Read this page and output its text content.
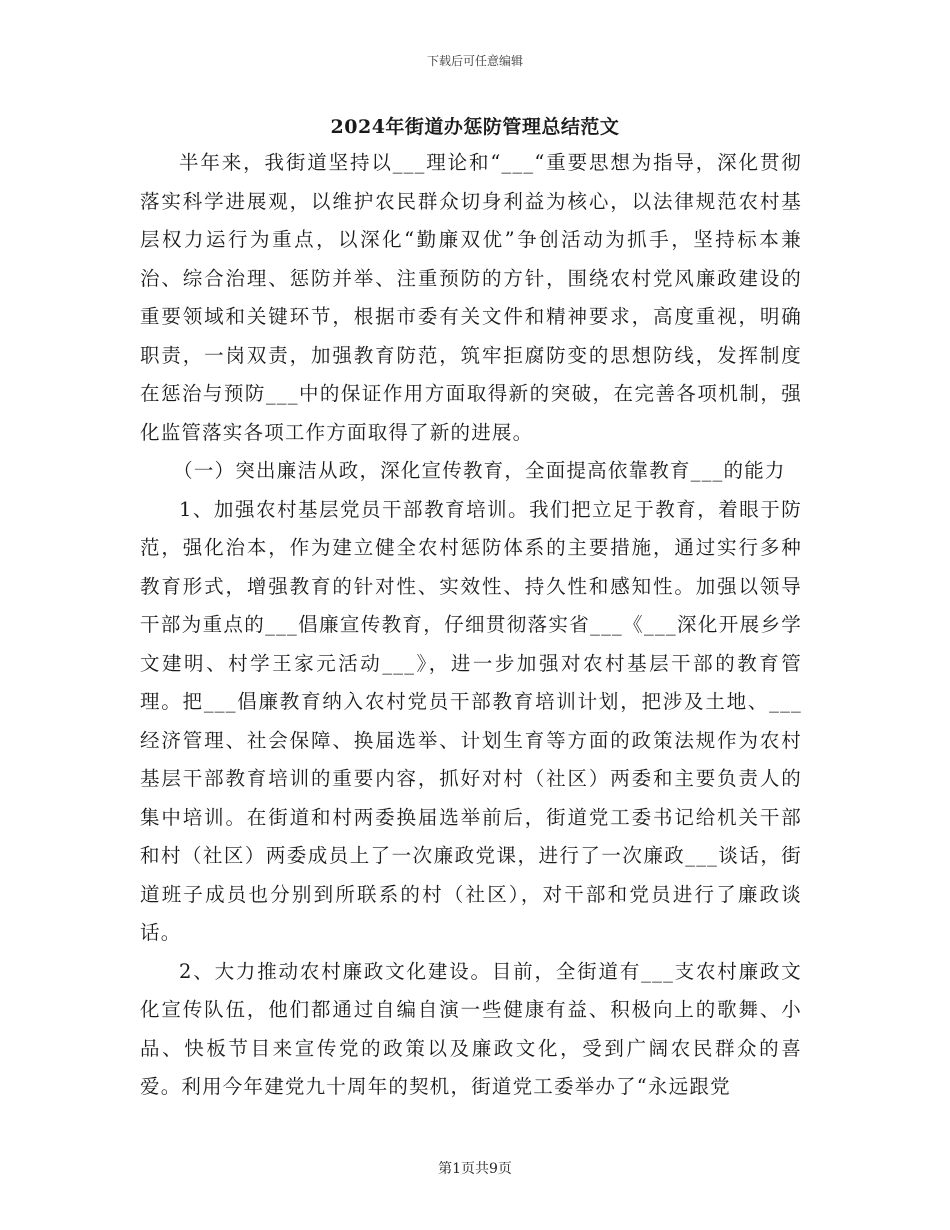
下载后可任意编辑
2024年街道办惩防管理总结范文

半年来，我街道坚持以___理论和“___“重要思想为指导，深化贯彻落实科学进展观，以维护农民群众切身利益为核心，以法律规范农村基层权力运行为重点，以深化“勤廉双优”争创活动为抓手，坚持标本兼治、综合治理、惩防并举、注重预防的方针，围绕农村党风廉政建设的重要领域和关键环节，根据市委有关文件和精神要求，高度重视，明确职责，一岗双责，加强教育防范，筑牢拒腐防变的思想防线，发挥制度在惩治与预防___中的保证作用方面取得新的突破，在完善各项机制，强化监管落实各项工作方面取得了新的进展。

（一）突出廉洁从政，深化宣传教育，全面提高依靠教育___的能力

1、加强农村基层党员干部教育培训。我们把立足于教育，着眼于防范，强化治本，作为建立健全农村惩防体系的主要措施，通过实行多种教育形式，增强教育的针对性、实效性、持久性和感知性。加强以领导干部为重点的___倡廉宣传教育，仔细贯彻落实省___《___深化开展乡学文建明、村学王家元活动___》，进一步加强对农村基层干部的教育管理。把___倡廉教育纳入农村党员干部教育培训计划，把涉及土地、___经济管理、社会保障、换届选举、计划生育等方面的政策法规作为农村基层干部教育培训的重要内容，抓好对村（社区）两委和主要负责人的集中培训。在街道和村两委换届选举前后，街道党工委书记给机关干部和村（社区）两委成员上了一次廉政党课，进行了一次廉政___谈话，街道班子成员也分别到所联系的村（社区），对干部和党员进行了廉政谈话。

2、大力推动农村廉政文化建设。目前，全街道有___支农村廉政文化宣传队伍，他们都通过自编自演一些健康有益、积极向上的歌舞、小品、快板节目来宣传党的政策以及廉政文化，受到广阔农民群众的喜爱。利用今年建党九十周年的契机，街道党工委举办了“永远跟党

第1页共9页
